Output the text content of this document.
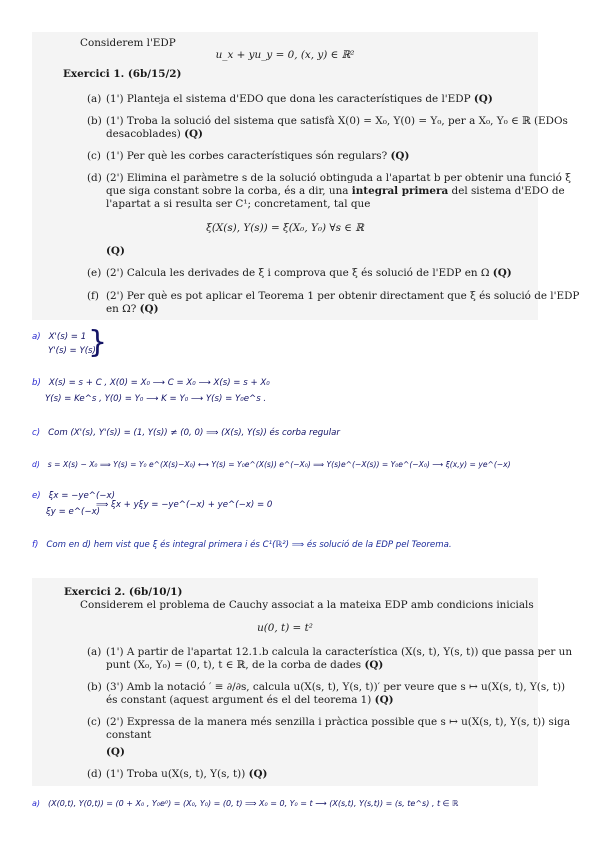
Considerem l'EDP
u_x + yu_y = 0, (x, y) ∈ ℝ²
Exercici 1. (6b/15/2)
(a) (1') Planteja el sistema d'EDO que dona les característiques de l'EDP (Q)
(b) (1') Troba la solució del sistema que satisfà X(0) = X₀, Y(0) = Y₀, per a X₀, Y₀ ∈ ℝ (EDOs
desacoblades) (Q)
(c) (1') Per què les corbes característiques són regulars? (Q)
(d) (2') Elimina el paràmetre s de la solució obtinguda a l'apartat b per obtenir una funció ξ
que siga constant sobre la corba, és a dir, una integral primera del sistema d'EDO de
l'apartat a si resulta ser C¹; concretament, tal que
ξ(X(s), Y(s)) = ξ(X₀, Y₀) ∀s ∈ ℝ
(Q)
(e) (2') Calcula les derivades de ξ i comprova que ξ és solució de l'EDP en Ω (Q)
(f) (2') Per què es pot aplicar el Teorema 1 per obtenir directament que ξ és solució de l'EDP
en Ω? (Q)
a) X'(s) = 1
Y'(s) = Y(s)
}
b) X(s) = s + C , X(0) = X₀ ⟶ C = X₀ ⟶ X(s) = s + X₀
Y(s) = Ke^s , Y(0) = Y₀ ⟶ K = Y₀ ⟶ Y(s) = Y₀e^s .
c) Com (X'(s), Y'(s)) = (1, Y(s)) ≠ (0, 0) ⟹ (X(s), Y(s)) és corba regular
d) s = X(s) − X₀ ⟹ Y(s) = Y₀ e^(X(s)−X₀) ⟷ Y(s) = Y₀e^(X(s)) e^(−X₀) ⟹ Y(s)e^(−X(s)) = Y₀e^(−X₀) ⟶ ξ(x,y) = ye^(−x)
e) ξx = −ye^(−x)
ξy = e^(−x)
⟹ ξx + yξy = −ye^(−x) + ye^(−x) = 0
f) Com en d) hem vist que ξ és integral primera i és C¹(ℝ²) ⟹ és solució de la EDP pel Teorema.
Exercici 2. (6b/10/1)
Considerem el problema de Cauchy associat a la mateixa EDP amb condicions inicials
u(0, t) = t²
(a) (1') A partir de l'apartat 12.1.b calcula la característica (X(s, t), Y(s, t)) que passa per un
punt (X₀, Y₀) = (0, t), t ∈ ℝ, de la corba de dades (Q)
(b) (3') Amb la notació ′ ≡ ∂/∂s, calcula u(X(s, t), Y(s, t))′ per veure que s ↦ u(X(s, t), Y(s, t))
és constant (aquest argument és el del teorema 1) (Q)
(c) (2') Expressa de la manera més senzilla i pràctica possible que s ↦ u(X(s, t), Y(s, t)) siga
constant
(Q)
(d) (1') Troba u(X(s, t), Y(s, t)) (Q)
a) (X(0,t), Y(0,t)) = (0 + X₀ , Y₀e⁰) = (X₀, Y₀) = (0, t) ⟹ X₀ = 0, Y₀ = t ⟶ (X(s,t), Y(s,t)) = (s, te^s) , t ∈ ℝ
